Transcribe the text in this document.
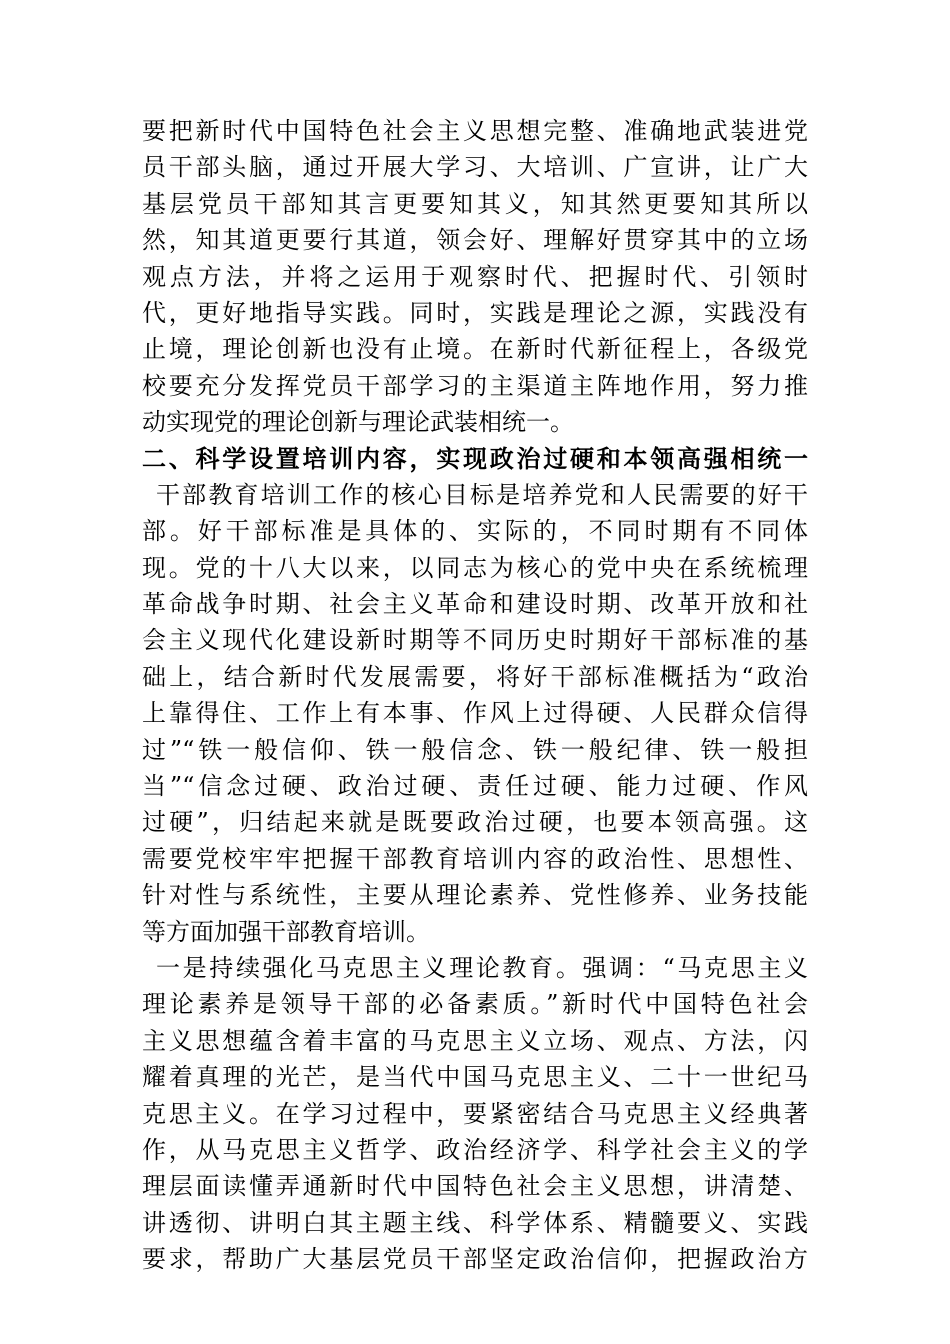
要把新时代中国特色社会主义思想完整、准确地武装进党
员干部头脑，通过开展大学习、大培训、广宣讲，让广大
基层党员干部知其言更要知其义，知其然更要知其所以
然，知其道更要行其道，领会好、理解好贯穿其中的立场
观点方法，并将之运用于观察时代、把握时代、引领时
代，更好地指导实践。同时，实践是理论之源，实践没有
止境，理论创新也没有止境。在新时代新征程上，各级党
校要充分发挥党员干部学习的主渠道主阵地作用，努力推
动实现党的理论创新与理论武装相统一。
二、科学设置培训内容，实现政治过硬和本领高强相统一
干部教育培训工作的核心目标是培养党和人民需要的好干
部。好干部标准是具体的、实际的，不同时期有不同体
现。党的十八大以来，以同志为核心的党中央在系统梳理
革命战争时期、社会主义革命和建设时期、改革开放和社
会主义现代化建设新时期等不同历史时期好干部标准的基
础上，结合新时代发展需要，将好干部标准概括为“政治
上靠得住、工作上有本事、作风上过得硬、人民群众信得
过”“铁一般信仰、铁一般信念、铁一般纪律、铁一般担
当”“信念过硬、政治过硬、责任过硬、能力过硬、作风
过硬”，归结起来就是既要政治过硬，也要本领高强。这
需要党校牢牢把握干部教育培训内容的政治性、思想性、
针对性与系统性，主要从理论素养、党性修养、业务技能
等方面加强干部教育培训。
一是持续强化马克思主义理论教育。强调：“马克思主义
理论素养是领导干部的必备素质。”新时代中国特色社会
主义思想蕴含着丰富的马克思主义立场、观点、方法，闪
耀着真理的光芒，是当代中国马克思主义、二十一世纪马
克思主义。在学习过程中，要紧密结合马克思主义经典著
作，从马克思主义哲学、政治经济学、科学社会主义的学
理层面读懂弄通新时代中国特色社会主义思想，讲清楚、
讲透彻、讲明白其主题主线、科学体系、精髓要义、实践
要求，帮助广大基层党员干部坚定政治信仰，把握政治方
